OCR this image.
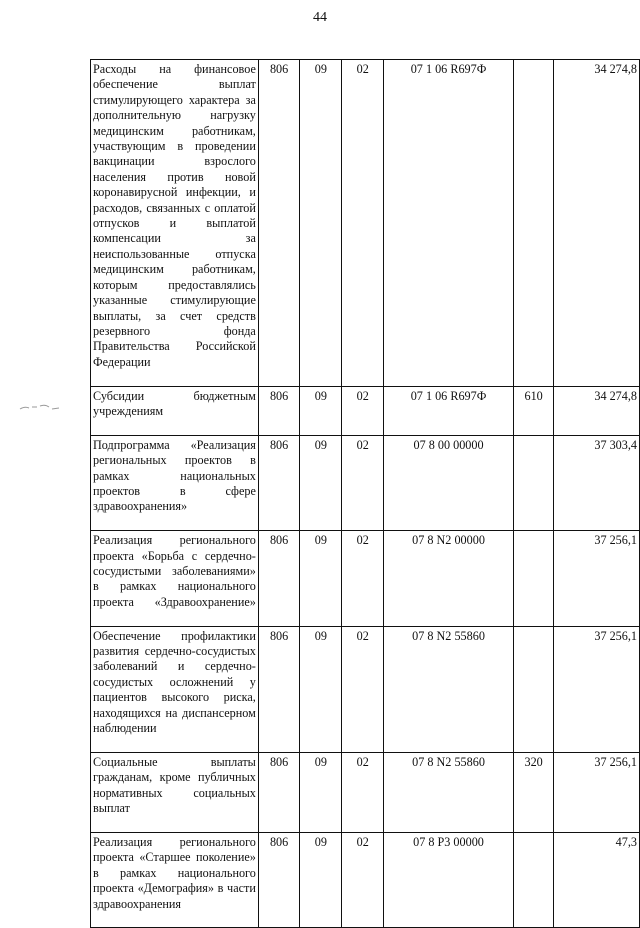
44
Расходы на финансовое обеспечение выплат стимулирующего характера за дополнительную нагрузку медицинским работникам, участвующим в проведении вакцинации взрослого населения против новой коронавирусной инфекции, и расходов, связанных с оплатой отпусков и выплатой компенсации за неиспользованные отпуска медицинским работникам, которым предоставлялись указанные стимулирующие выплаты, за счет средств резервного фонда Правительства Российской Федерации	806	09	02	07 1 06 R697Ф		34 274,8
Субсидии бюджетным учреждениям	806	09	02	07 1 06 R697Ф	610	34 274,8
Подпрограмма «Реализация региональных проектов в рамках национальных проектов в сфере здравоохранения»	806	09	02	07 8 00 00000		37 303,4
Реализация регионального проекта «Борьба с сердечно-сосудистыми заболеваниями» в рамках национального проекта «Здравоохранение»	806	09	02	07 8 N2 00000		37 256,1
Обеспечение профилактики развития сердечно-сосудистых заболеваний и сердечно-сосудистых осложнений у пациентов высокого риска, находящихся на диспансерном наблюдении	806	09	02	07 8 N2 55860		37 256,1
Социальные выплаты гражданам, кроме публичных нормативных социальных выплат	806	09	02	07 8 N2 55860	320	37 256,1
Реализация регионального проекта «Старшее поколение» в рамках национального проекта «Демография» в части здравоохранения	806	09	02	07 8 P3 00000		47,3
